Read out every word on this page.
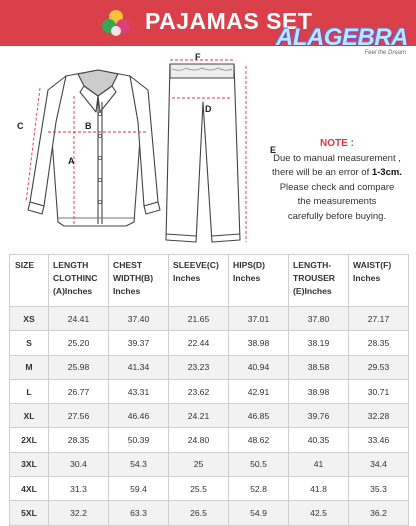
PAJAMAS SET
ALAGEBRA
Feel the Dream
A
B
C
D
E
F
NOTE :
Due to manual measurement ,
there will be an error of 1-3cm.
Please check and compare
the measurements
carefully before buying.
SIZE	LENGTH
CLOTHINC
(A)Inches	CHEST
WIDTH(B)
Inches	SLEEVE(C)
Inches	HIPS(D)
Inches	LENGTH-
TROUSER
(E)Inches	WAIST(F)
Inches
XS	24.41	37.40	21.65	37.01	37.80	27.17
S	25.20	39.37	22.44	38.98	38.19	28.35
M	25.98	41.34	23.23	40.94	38.58	29.53
L	26.77	43.31	23.62	42.91	38.98	30.71
XL	27.56	46.46	24.21	46.85	39.76	32.28
2XL	28.35	50.39	24.80	48.62	40.35	33.46
3XL	30.4	54.3	25	50.5	41	34.4
4XL	31.3	59.4	25.5	52.8	41.8	35.3
5XL	32.2	63.3	26.5	54.9	42.5	36.2
